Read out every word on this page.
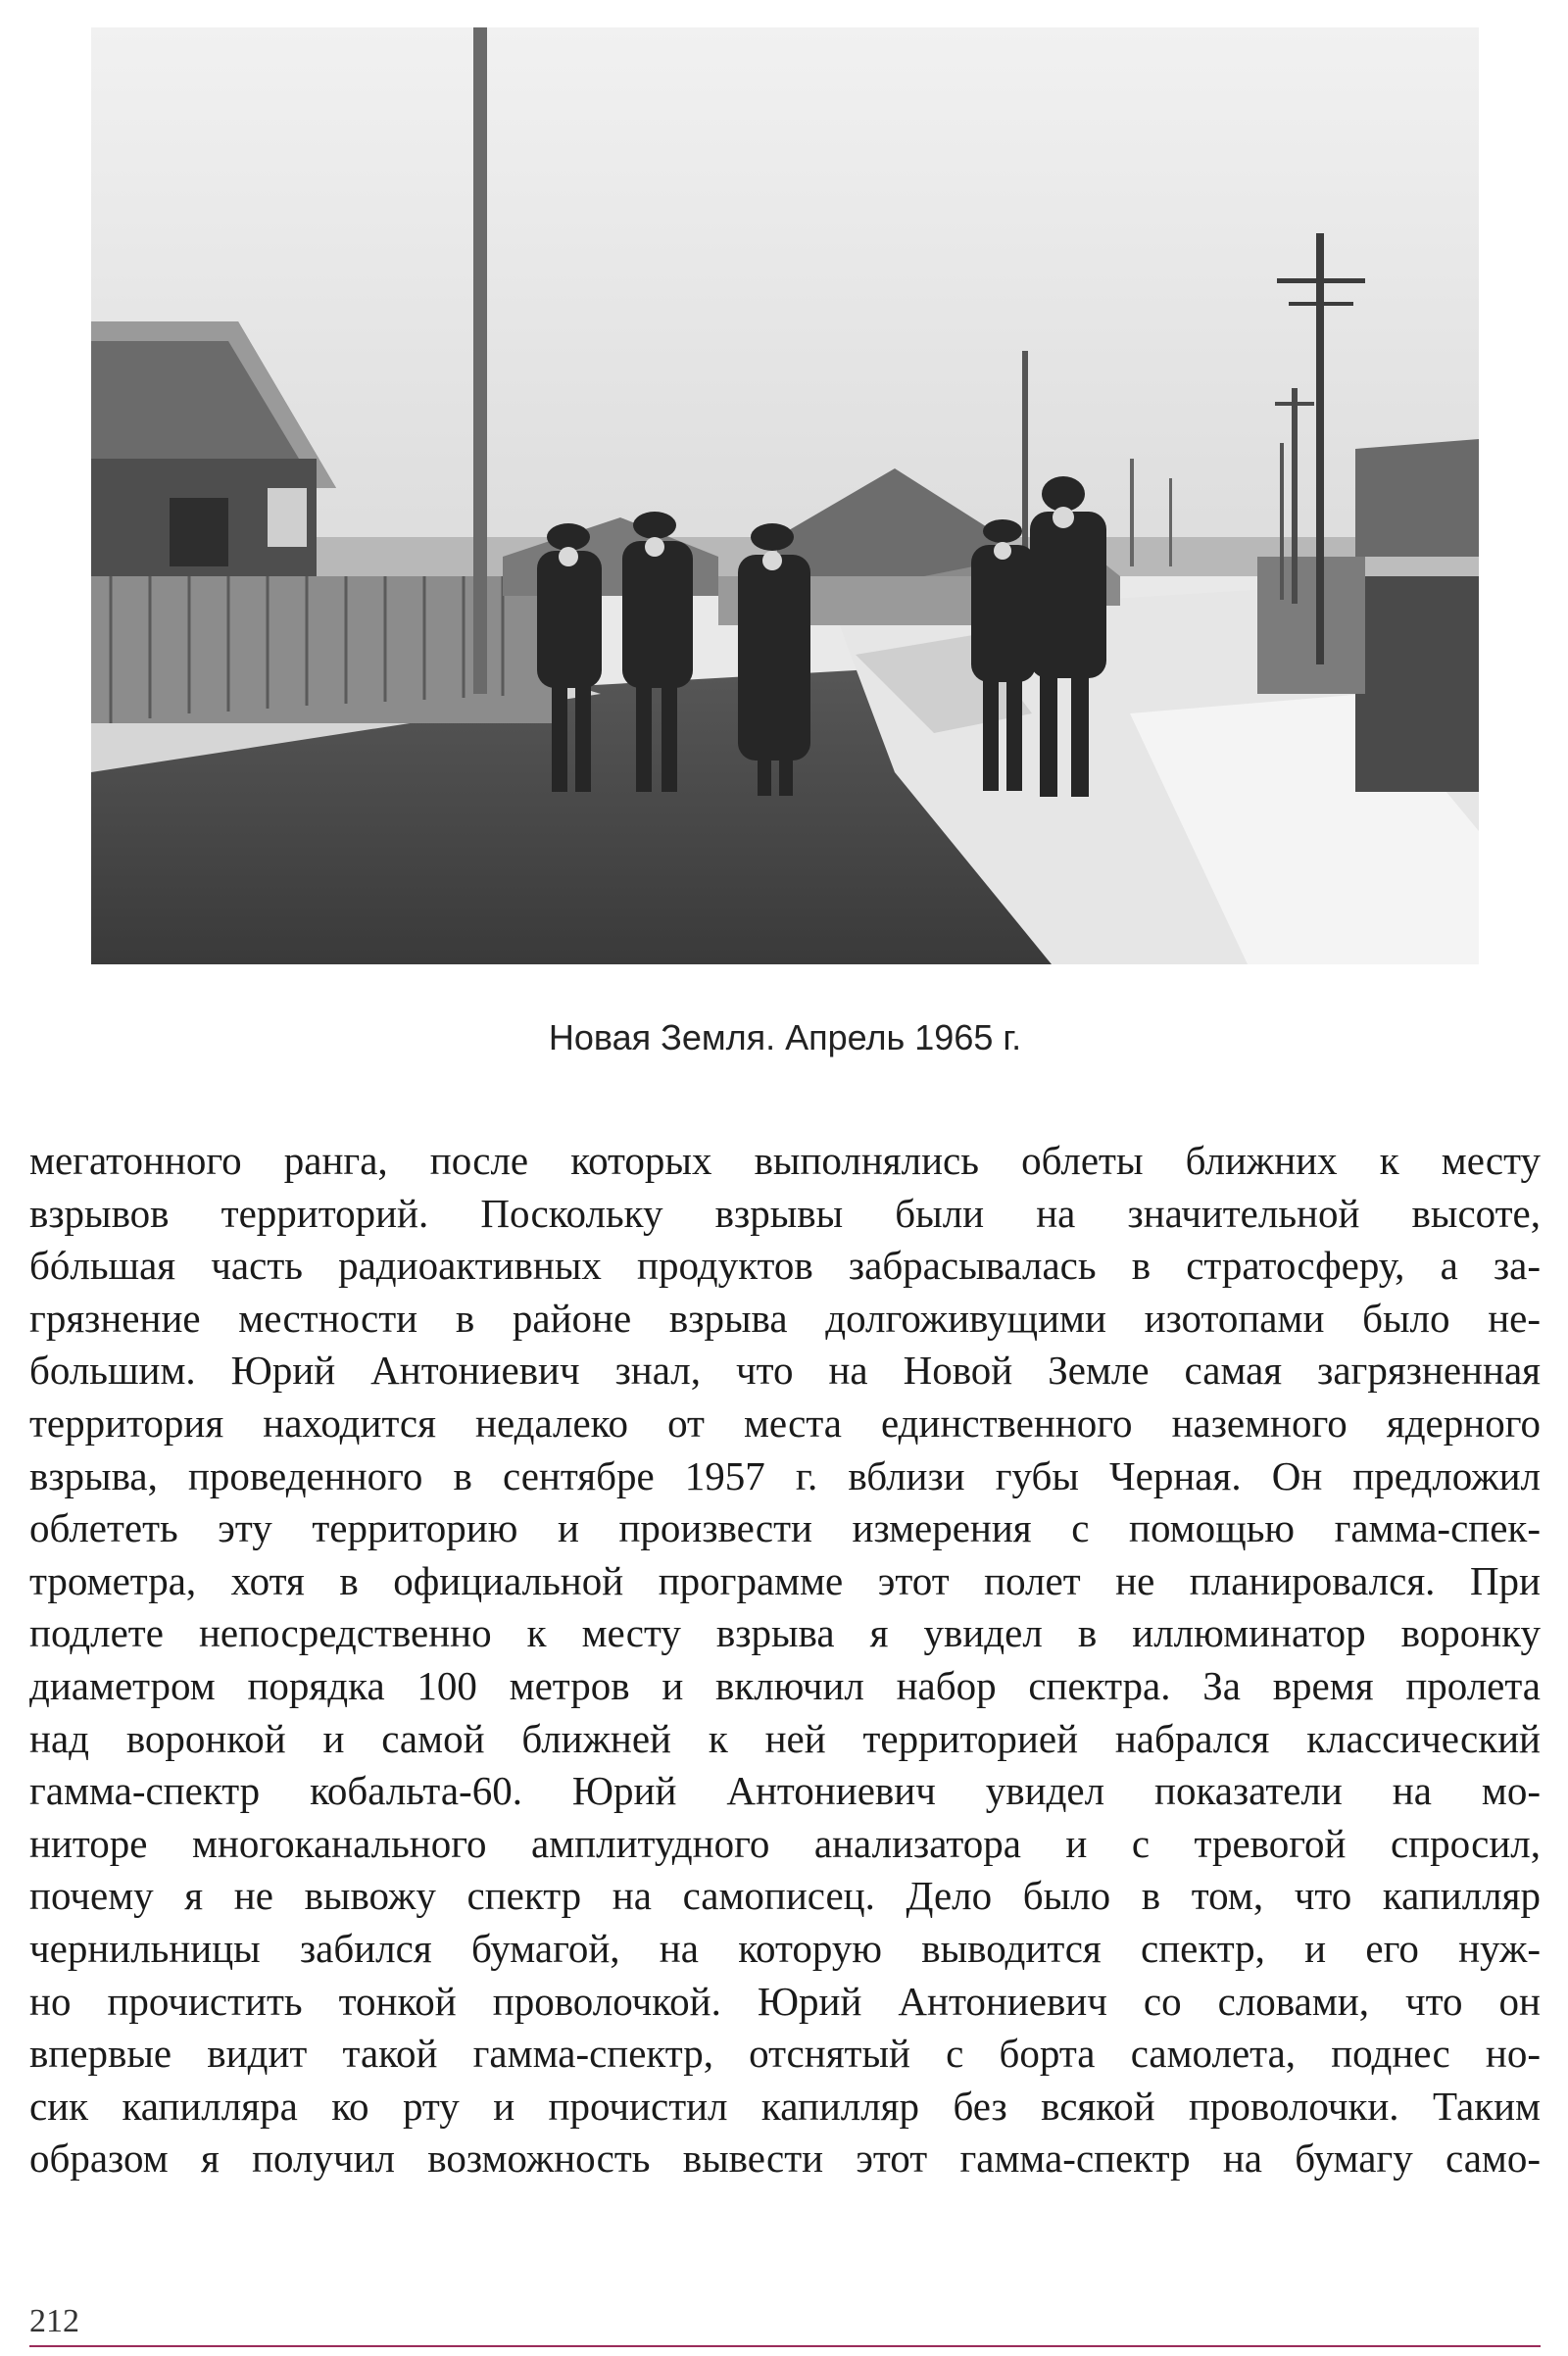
Новая Земля. Апрель 1965 г.
мегатонного ранга, после которых выполнялись облеты ближних к месту
взрывов территорий. Поскольку взрывы были на значительной высоте,
бóльшая часть радиоактивных продуктов забрасывалась в стратосферу, а за-
грязнение местности в районе взрыва долгоживущими изотопами было не-
большим. Юрий Антониевич знал, что на Новой Земле самая загрязненная
территория находится недалеко от места единственного наземного ядерного
взрыва, проведенного в сентябре 1957 г. вблизи губы Черная. Он предложил
облететь эту территорию и произвести измерения с помощью гамма-спек-
трометра, хотя в официальной программе этот полет не планировался. При
подлете непосредственно к месту взрыва я увидел в иллюминатор воронку
диаметром порядка 100 метров и включил набор спектра. За время пролета
над воронкой и самой ближней к ней территорией набрался классический
гамма-спектр кобальта-60. Юрий Антониевич увидел показатели на мо-
ниторе многоканального амплитудного анализатора и с тревогой спросил,
почему я не вывожу спектр на самописец. Дело было в том, что капилляр
чернильницы забился бумагой, на которую выводится спектр, и его нуж-
но прочистить тонкой проволочкой. Юрий Антониевич со словами, что он
впервые видит такой гамма-спектр, отснятый с борта самолета, поднес но-
сик капилляра ко рту и прочистил капилляр без всякой проволочки. Таким
образом я получил возможность вывести этот гамма-спектр на бумагу само-
212
